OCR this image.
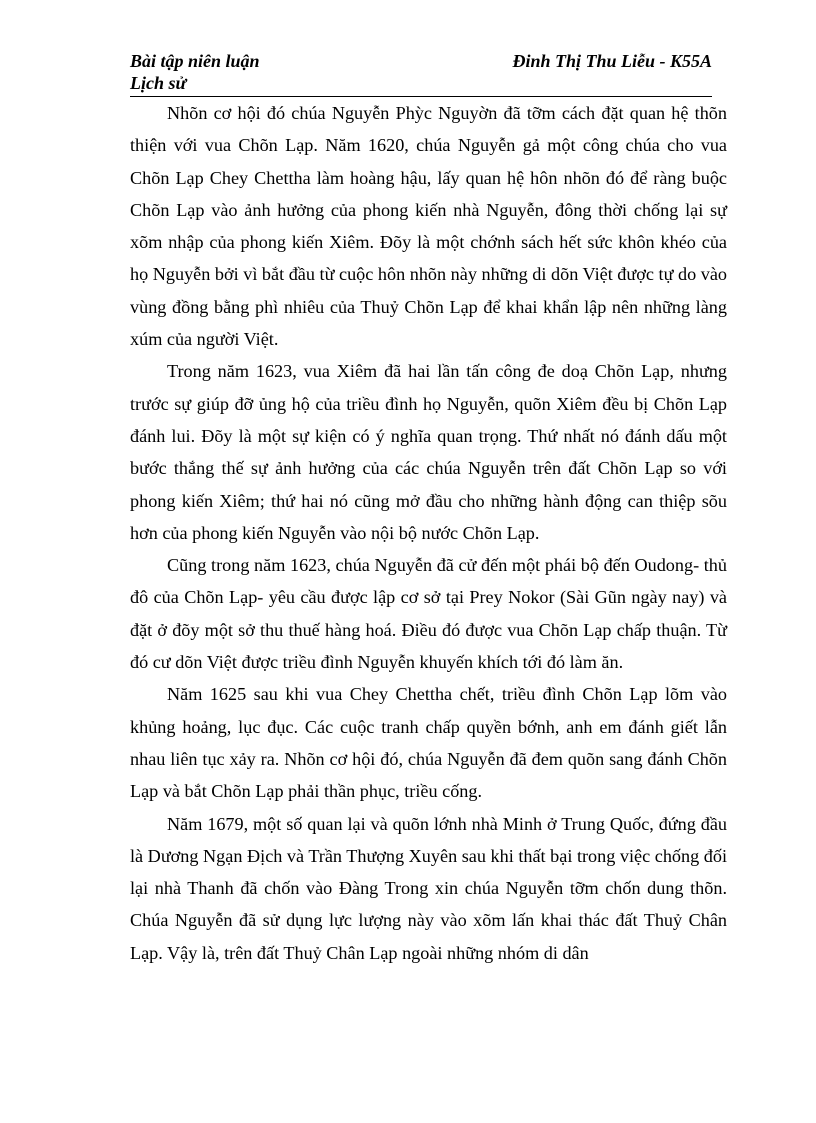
Bài tập niên luận	Đinh Thị Thu Liễu - K55A
Lịch sử

Nhõn cơ hội đó chúa Nguyễn Phỳc Nguyờn đã tỡm cách đặt quan hệ thõn thiện với vua Chõn Lạp. Năm 1620, chúa Nguyễn gả một công chúa cho vua Chõn Lạp Chey Chettha làm hoàng hậu, lấy quan hệ hôn nhõn đó để ràng buộc Chõn Lạp vào ảnh hưởng của phong kiến nhà Nguyễn, đông thời chống lại sự xõm nhập của phong kiến Xiêm. Đõy là một chớnh sách hết sức khôn khéo của họ Nguyễn bởi vì bắt đầu từ cuộc hôn nhõn này những di dõn Việt được tự do vào vùng đồng bằng phì nhiêu của Thuỷ Chõn Lạp để khai khẩn lập nên những làng xúm của người Việt.

Trong năm 1623, vua Xiêm đã hai lần tấn công đe doạ Chõn Lạp, nhưng trước sự giúp đỡ ủng hộ của triều đình họ Nguyễn, quõn Xiêm đều bị Chõn Lạp đánh lui. Đõy là một sự kiện có ý nghĩa quan trọng. Thứ nhất nó đánh dấu một bước thắng thế sự ảnh hưởng của các chúa Nguyễn trên đất Chõn Lạp so với phong kiến Xiêm; thứ hai nó cũng mở đầu cho những hành động can thiệp sõu hơn của phong kiến Nguyễn vào nội bộ nước Chõn Lạp.

Cũng trong năm 1623, chúa Nguyễn đã cử đến một phái bộ đến Oudong- thủ đô của Chõn Lạp- yêu cầu được lập cơ sở tại Prey Nokor (Sài Gũn ngày nay) và đặt ở đõy một sở thu thuế hàng hoá. Điều đó được vua Chõn Lạp chấp thuận. Từ đó cư dõn Việt được triều đình Nguyễn khuyến khích tới đó làm ăn.

Năm 1625 sau khi vua Chey Chettha chết, triều đình Chõn Lạp lõm vào khủng hoảng, lục đục. Các cuộc tranh chấp quyền bớnh, anh em đánh giết lẫn nhau liên tục xảy ra. Nhõn cơ hội đó, chúa Nguyễn đã đem quõn sang đánh Chõn Lạp và bắt Chõn Lạp phải thần phục, triều cống.

Năm 1679, một số quan lại và quõn lớnh nhà Minh ở Trung Quốc, đứng đầu là Dương Ngạn Địch và Trần Thượng Xuyên sau khi thất bại trong việc chống đối lại nhà Thanh đã chốn vào Đàng Trong xin chúa Nguyễn tỡm chốn dung thõn. Chúa Nguyễn đã sử dụng lực lượng này vào xõm lấn khai thác đất Thuỷ Chân Lạp. Vậy là, trên đất Thuỷ Chân Lạp ngoài những nhóm di dân
